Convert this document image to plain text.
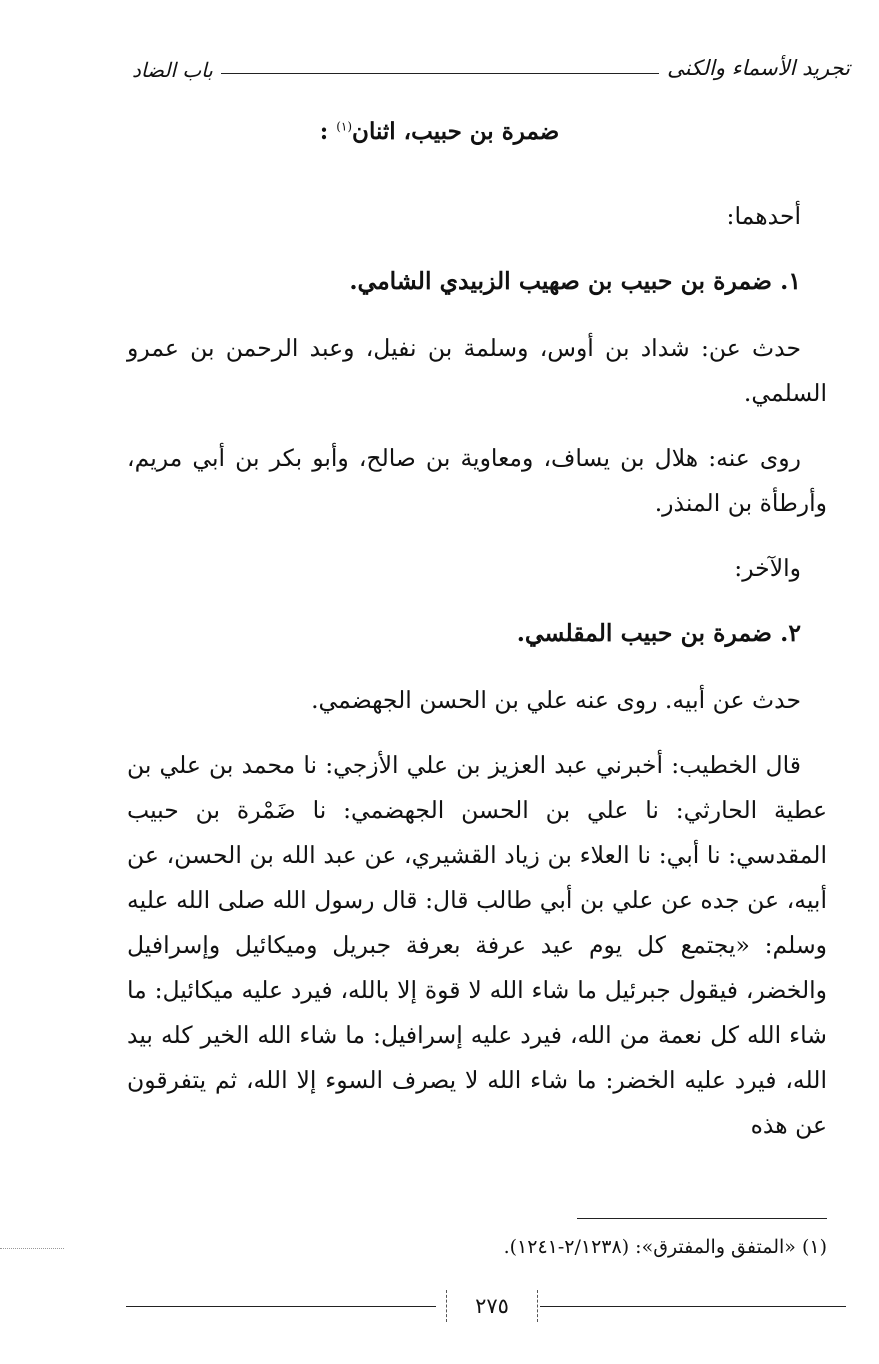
تجريد الأسماء والكنى
باب الضاد
ضمرة بن حبيب، اثنان$^{(١)}$ :

أحدهما:

١. ضمرة بن حبيب بن صهيب الزبيدي الشامي.

حدث عن: شداد بن أوس، وسلمة بن نفيل، وعبد الرحمن بن عمرو السلمي.

روى عنه: هلال بن يساف، ومعاوية بن صالح، وأبو بكر بن أبي مريم، وأرطأة بن المنذر.

والآخر:

٢. ضمرة بن حبيب المقلسي.

حدث عن أبيه. روى عنه علي بن الحسن الجهضمي.

قال الخطيب: أخبرني عبد العزيز بن علي الأزجي: نا محمد بن علي بن عطية الحارثي: نا علي بن الحسن الجهضمي: نا ضَمْرة بن حبيب المقدسي: نا أبي: نا العلاء بن زياد القشيري، عن عبد الله بن الحسن، عن أبيه، عن جده عن علي بن أبي طالب قال: قال رسول الله صلى الله عليه وسلم: «يجتمع كل يوم عيد عرفة بعرفة جبريل وميكائيل وإسرافيل والخضر، فيقول جبرئيل ما شاء الله لا قوة إلا بالله، فيرد عليه ميكائيل: ما شاء الله كل نعمة من الله، فيرد عليه إسرافيل: ما شاء الله الخير كله بيد الله، فيرد عليه الخضر: ما شاء الله لا يصرف السوء إلا الله، ثم يتفرقون عن هذه

(١) «المتفق والمفترق»: (٢/١٢٣٨-١٢٤١).
٢٧٥
